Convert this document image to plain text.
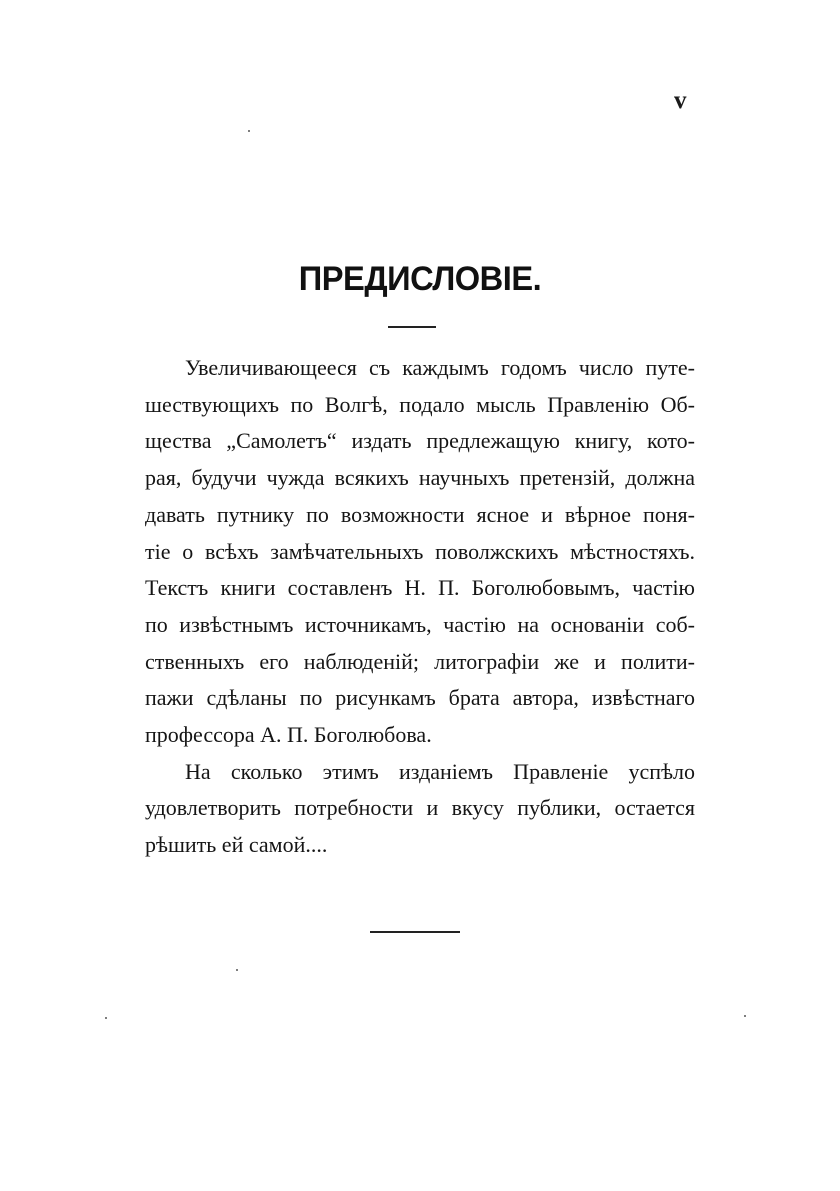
v
ПРЕДИСЛОВІЕ.
Увеличивающееся съ каждымъ годомъ число путе-
шествующихъ по Волгѣ, подало мысль Правленію Об-
щества „Самолетъ“ издать предлежащую книгу, кото-
рая, будучи чужда всякихъ научныхъ претензій, должна
давать путнику по возможности ясное и вѣрное поня-
тіе о всѣхъ замѣчательныхъ поволжскихъ мѣстностяхъ.
Текстъ книги составленъ Н. П. Боголюбовымъ, частію
по извѣстнымъ источникамъ, частію на основаніи соб-
ственныхъ его наблюденій; литографіи же и полити-
пажи сдѣланы по рисункамъ брата автора, извѣстнаго
профессора А. П. Боголюбова.
На сколько этимъ изданіемъ Правленіе успѣло
удовлетворить потребности и вкусу публики, остается
рѣшить ей самой....
